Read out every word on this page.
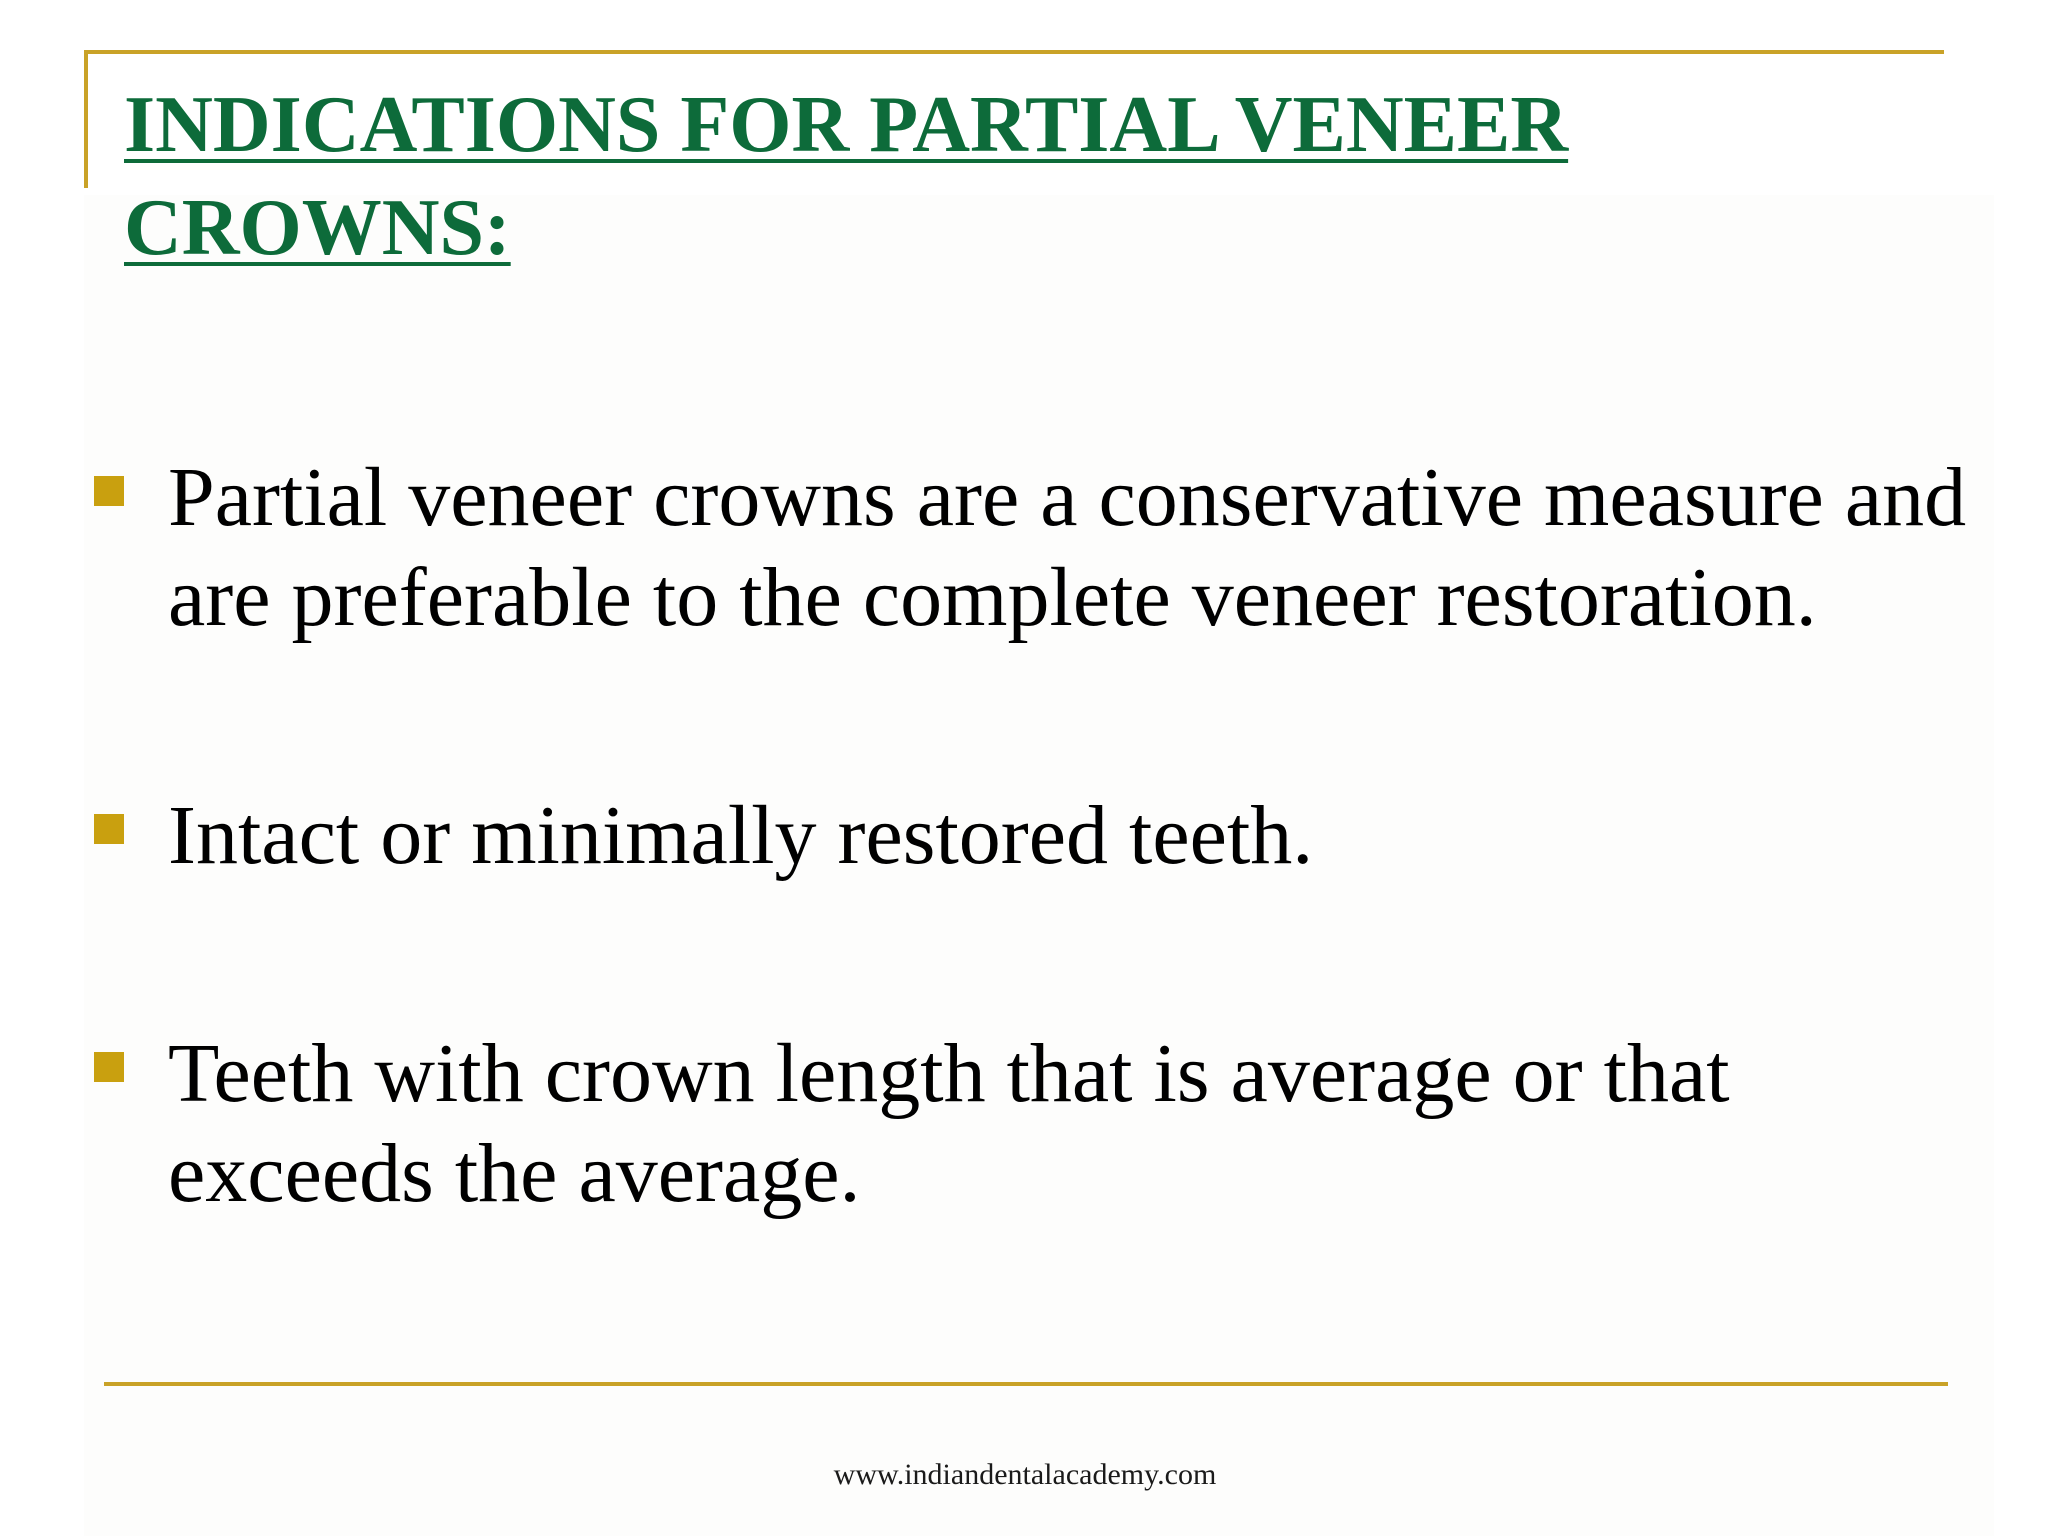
INDICATIONS FOR PARTIAL VENEER CROWNS:
Partial veneer crowns are a conservative measure and are preferable to the complete veneer restoration.
Intact or minimally restored teeth.
Teeth with crown length that is average or that exceeds the average.
www.indiandentalacademy.com
